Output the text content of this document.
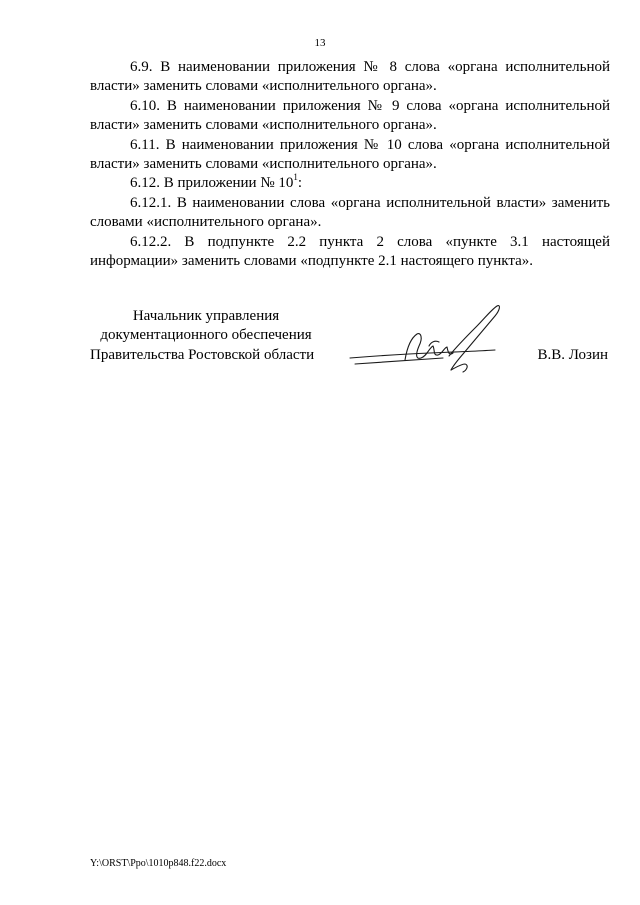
13

6.9. В наименовании приложения № 8 слова «органа исполнительной власти» заменить словами «исполнительного органа».

6.10. В наименовании приложения № 9 слова «органа исполнительной власти» заменить словами «исполнительного органа».

6.11. В наименовании приложения № 10 слова «органа исполнительной власти» заменить словами «исполнительного органа».

6.12. В приложении № $10^1$:

6.12.1. В наименовании слова «органа исполнительной власти» заменить словами «исполнительного органа».

6.12.2. В подпункте 2.2 пункта 2 слова «пункте 3.1 настоящей информации» заменить словами «подпункте 2.1 настоящего пункта».

Начальник управления
документационного обеспечения
Правительства Ростовской области	В.В. Лозин
Y:\ORST\Ppo\1010p848.f22.docx
